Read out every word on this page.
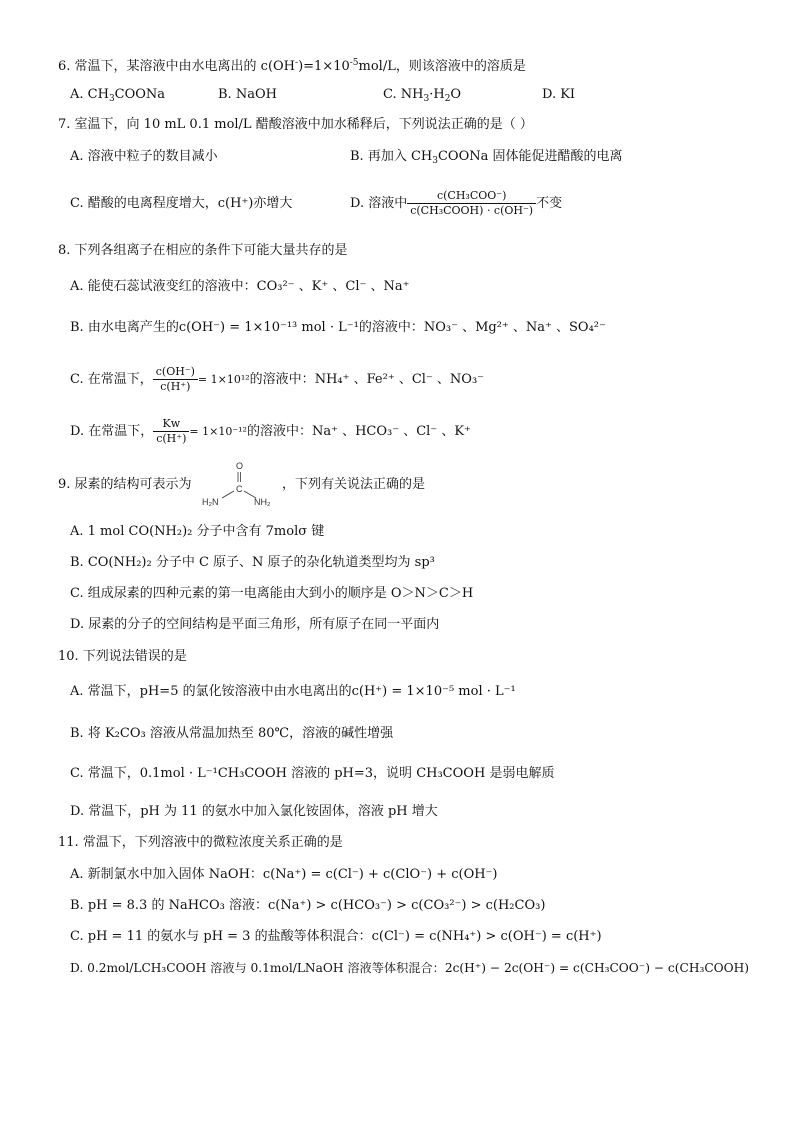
6. 常温下，某溶液中由水电离出的 $c(OH^-)=1\times 10^{-5}mol/L$，则该溶液中的溶质是
A. $CH_3COONa$	B. NaOH	C. $NH_3\cdot H_2O$	D. KI
7. 室温下，向 10 mL 0.1 mol/L 醋酸溶液中加水稀释后，下列说法正确的是（ ）
A. 溶液中粒子的数目减小	B. 再加入 $CH_3COONa$ 固体能促进醋酸的电离
C. 醋酸的电离程度增大，c(H⁺)亦增大	D. 溶液中 $\frac{\text{c(CH₃COO⁻)}}{\text{c(CH₃COOH) · c(OH⁻)}}$ 不变
8. 下列各组离子在相应的条件下可能大量共存的是
A. 能使石蕊试液变红的溶液中：CO₃²⁻ 、K⁺ 、Cl⁻ 、Na⁺
B. 由水电离产生的c(OH⁻) = 1×10⁻¹³ mol · L⁻¹的溶液中：NO₃⁻ 、Mg²⁺ 、Na⁺ 、SO₄²⁻
C. 在常温下， $\frac{c(OH^-)}{c(H^+)} = 1\times 10^{12}$的溶液中：NH₄⁺ 、Fe²⁺ 、Cl⁻ 、NO₃⁻
D. 在常温下， $\frac{Kw}{c(H^+)} = 1\times 10^{-12}$的溶液中：Na⁺ 、HCO₃⁻ 、Cl⁻ 、K⁺
9. 尿素的结构可表示为
O
C
H₂N	NH₂
，下列有关说法正确的是
A. 1 mol CO(NH₂)₂ 分子中含有 7molσ 键
B. CO(NH₂)₂ 分子中 C 原子、N 原子的杂化轨道类型均为 sp³
C. 组成尿素的四种元素的第一电离能由大到小的顺序是 O＞N＞C＞H
D. 尿素的分子的空间结构是平面三角形，所有原子在同一平面内
10. 下列说法错误的是
A. 常温下，pH=5 的氯化铵溶液中由水电离出的c(H⁺) = 1×10⁻⁵ mol · L⁻¹
B. 将 K₂CO₃ 溶液从常温加热至 80℃，溶液的碱性增强
C. 常温下，0.1mol · L⁻¹CH₃COOH 溶液的 pH=3，说明 CH₃COOH 是弱电解质
D. 常温下，pH 为 11 的氨水中加入氯化铵固体，溶液 pH 增大
11. 常温下，下列溶液中的微粒浓度关系正确的是
A. 新制氯水中加入固体 NaOH：c(Na⁺) = c(Cl⁻) + c(ClO⁻) + c(OH⁻)
B. pH = 8.3 的 NaHCO₃ 溶液：c(Na⁺) > c(HCO₃⁻) > c(CO₃²⁻) > c(H₂CO₃)
C. pH = 11 的氨水与 pH = 3 的盐酸等体积混合：c(Cl⁻) = c(NH₄⁺) > c(OH⁻) = c(H⁺)
D. 0.2mol/LCH₃COOH 溶液与 0.1mol/LNaOH 溶液等体积混合：2c(H⁺) − 2c(OH⁻) = c(CH₃COO⁻) − c(CH₃COOH)
